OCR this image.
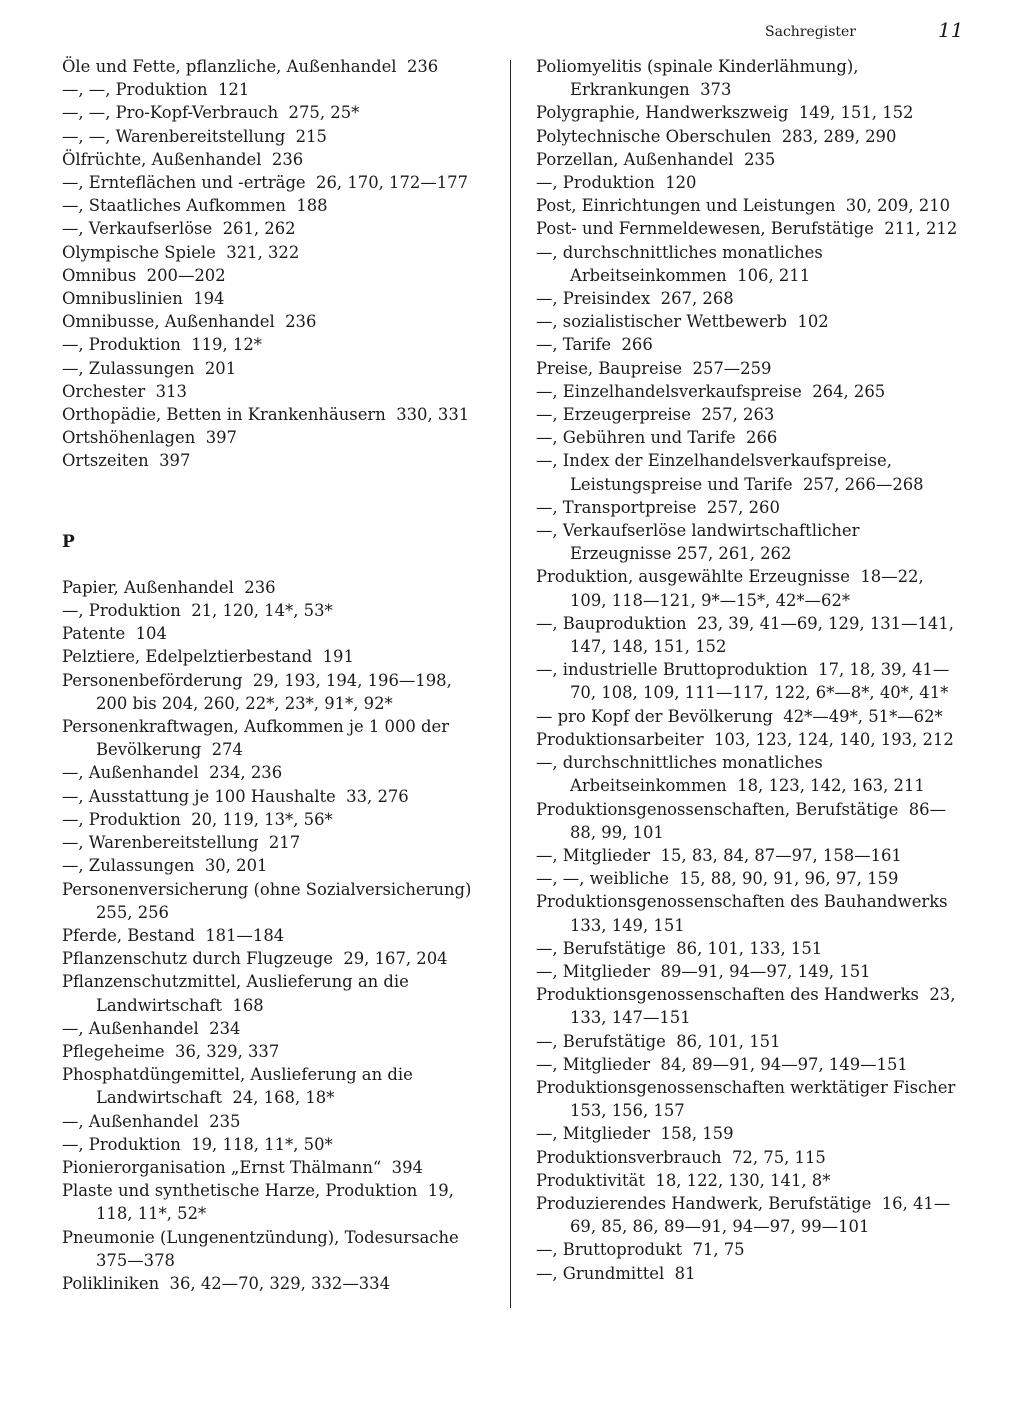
Sachregister	11

Öle und Fette, pflanzliche, Außenhandel  236

—, —, Produktion  121

—, —, Pro-Kopf-Verbrauch  275, 25*

—, —, Warenbereitstellung  215

Ölfrüchte, Außenhandel  236

—, Ernteflächen und -erträge  26, 170, 172—177

—, Staatliches Aufkommen  188

—, Verkaufserlöse  261, 262

Olympische Spiele  321, 322

Omnibus  200—202

Omnibuslinien  194

Omnibusse, Außenhandel  236

—, Produktion  119, 12*

—, Zulassungen  201

Orchester  313

Orthopädie, Betten in Krankenhäusern  330, 331

Ortshöhenlagen  397

Ortszeiten  397

P

Papier, Außenhandel  236

—, Produktion  21, 120, 14*, 53*

Patente  104

Pelztiere, Edelpelztierbestand  191

Personenbeförderung  29, 193, 194, 196—198, 200 bis 204, 260, 22*, 23*, 91*, 92*

Personenkraftwagen, Aufkommen je 1 000 der Bevölkerung  274

—, Außenhandel  234, 236

—, Ausstattung je 100 Haushalte  33, 276

—, Produktion  20, 119, 13*, 56*

—, Warenbereitstellung  217

—, Zulassungen  30, 201

Personenversicherung (ohne Sozialversicherung) 255, 256

Pferde, Bestand  181—184

Pflanzenschutz durch Flugzeuge  29, 167, 204

Pflanzenschutzmittel, Auslieferung an die Landwirtschaft  168

—, Außenhandel  234

Pflegeheime  36, 329, 337

Phosphatdüngemittel, Auslieferung an die Landwirtschaft  24, 168, 18*

—, Außenhandel  235

—, Produktion  19, 118, 11*, 50*

Pionierorganisation „Ernst Thälmann“  394

Plaste und synthetische Harze, Produktion  19, 118, 11*, 52*

Pneumonie (Lungenentzündung), Todesursache 375—378

Polikliniken  36, 42—70, 329, 332—334

Poliomyelitis (spinale Kinderlähmung), Erkrankungen  373

Polygraphie, Handwerkszweig  149, 151, 152

Polytechnische Oberschulen  283, 289, 290

Porzellan, Außenhandel  235

—, Produktion  120

Post, Einrichtungen und Leistungen  30, 209, 210

Post- und Fernmeldewesen, Berufstätige  211, 212

—, durchschnittliches monatliches Arbeitseinkommen  106, 211

—, Preisindex  267, 268

—, sozialistischer Wettbewerb  102

—, Tarife  266

Preise, Baupreise  257—259

—, Einzelhandelsverkaufspreise  264, 265

—, Erzeugerpreise  257, 263

—, Gebühren und Tarife  266

—, Index der Einzelhandelsverkaufspreise, Leistungspreise und Tarife  257, 266—268

—, Transportpreise  257, 260

—, Verkaufserlöse landwirtschaftlicher Erzeugnisse 257, 261, 262

Produktion, ausgewählte Erzeugnisse  18—22, 109, 118—121, 9*—15*, 42*—62*

—, Bauproduktion  23, 39, 41—69, 129, 131—141, 147, 148, 151, 152

—, industrielle Bruttoproduktion  17, 18, 39, 41—70, 108, 109, 111—117, 122, 6*—8*, 40*, 41*

— pro Kopf der Bevölkerung  42*—49*, 51*—62*

Produktionsarbeiter  103, 123, 124, 140, 193, 212

—, durchschnittliches monatliches Arbeitseinkommen  18, 123, 142, 163, 211

Produktionsgenossenschaften, Berufstätige  86—88, 99, 101

—, Mitglieder  15, 83, 84, 87—97, 158—161

—, —, weibliche  15, 88, 90, 91, 96, 97, 159

Produktionsgenossenschaften des Bauhandwerks 133, 149, 151

—, Berufstätige  86, 101, 133, 151

—, Mitglieder  89—91, 94—97, 149, 151

Produktionsgenossenschaften des Handwerks  23, 133, 147—151

—, Berufstätige  86, 101, 151

—, Mitglieder  84, 89—91, 94—97, 149—151

Produktionsgenossenschaften werktätiger Fischer 153, 156, 157

—, Mitglieder  158, 159

Produktionsverbrauch  72, 75, 115

Produktivität  18, 122, 130, 141, 8*

Produzierendes Handwerk, Berufstätige  16, 41—69, 85, 86, 89—91, 94—97, 99—101

—, Bruttoprodukt  71, 75

—, Grundmittel  81
